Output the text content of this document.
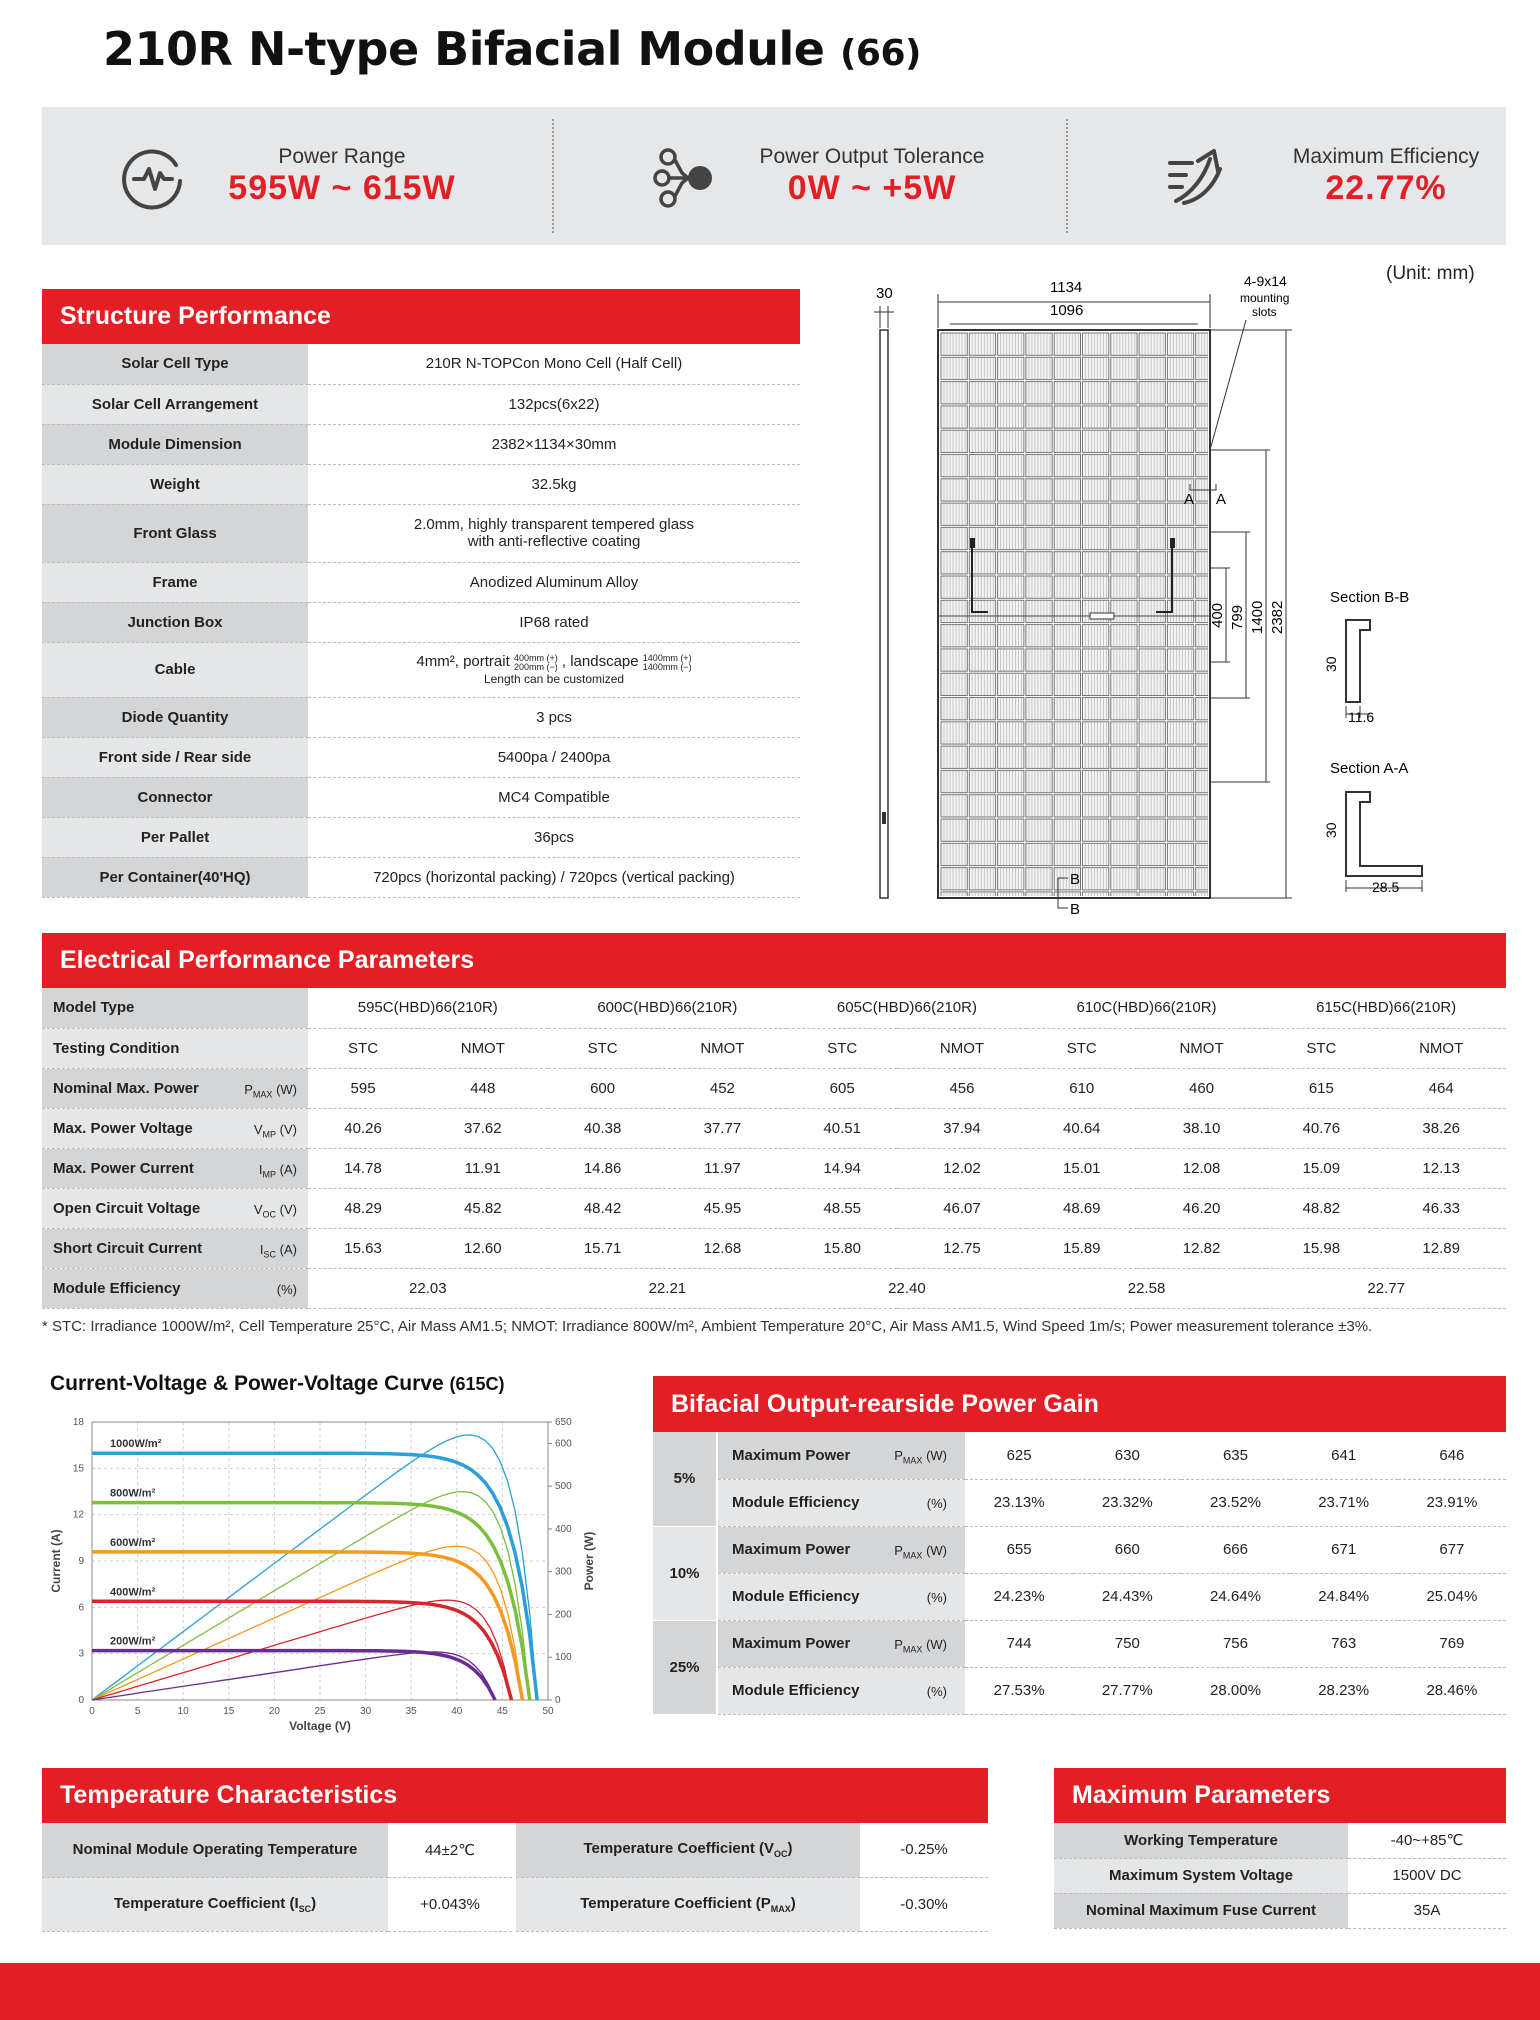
210R N-type Bifacial Module (66)
Power Range
595W ~ 615W
Power Output Tolerance
0W ~ +5W
Maximum Efficiency
22.77%
Structure Performance
Solar Cell Type	210R N-TOPCon Mono Cell (Half Cell)
Solar Cell Arrangement	132pcs(6x22)
Module Dimension	2382×1134×30mm
Weight	32.5kg
Front Glass	2.0mm, highly transparent tempered glass
with anti-reflective coating

Frame	Anodized Aluminum Alloy
Junction Box	IP68 rated
Cable	4mm², portrait 400mm (+)
200mm (−) , landscape 1400mm (+)
1400mm (−)
Length can be customized

Diode Quantity	3 pcs
Front side / Rear side	5400pa / 2400pa
Connector	MC4 Compatible
Per Pallet	36pcs
Per Container(40'HQ)	720pcs (horizontal packing) / 720pcs (vertical packing)
(Unit: mm)
30	1134
1096
4-9x14
mounting
slots
400 799 1400 2382
A A
B
B
Section B-B
30
11.6
Section A-A
30
28.5
Electrical Performance Parameters
Model Type	595C(HBD)66(210R)		600C(HBD)66(210R)		605C(HBD)66(210R)		610C(HBD)66(210R)		615C(HBD)66(210R)	
Testing Condition	STC	NMOT	STC	NMOT	STC	NMOT	STC	NMOT	STC	NMOT
Nominal Max. Power $P_{MAX}$ (W)	595	448	600	452	605	456	610	460	615	464
Max. Power Voltage $V_{MP}$ (V)	40.26	37.62	40.38	37.77	40.51	37.94	40.64	38.10	40.76	38.26
Max. Power Current $I_{MP}$ (A)	14.78	11.91	14.86	11.97	14.94	12.02	15.01	12.08	15.09	12.13
Open Circuit Voltage $V_{OC}$ (V)	48.29	45.82	48.42	45.95	48.55	46.07	48.69	46.20	48.82	46.33
Short Circuit Current $I_{SC}$ (A)	15.63	12.60	15.71	12.68	15.80	12.75	15.89	12.82	15.98	12.89
Module Efficiency (%)	22.03		22.21		22.40		22.58		22.77	
* STC: Irradiance 1000W/m², Cell Temperature 25°C, Air Mass AM1.5; NMOT: Irradiance 800W/m², Ambient Temperature 20°C, Air Mass AM1.5, Wind Speed 1m/s; Power measurement tolerance ±3%.
Current-Voltage & Power-Voltage Curve (615C)
0	5	10	15	20	25	30	35	40	45	50
0
3
6
9
12
15
18
0
100
200
300
400
500
600
650
Voltage (V)
Current (A)	Power (W)
1000W/m²
800W/m²
600W/m²
400W/m²
200W/m²
Bifacial Output-rearside Power Gain
5%	Maximum Power $P_{MAX}$ (W)	625	630	635	641	646
	Module Efficiency (%)	23.13%	23.32%	23.52%	23.71%	23.91%
10%	Maximum Power $P_{MAX}$ (W)	655	660	666	671	677
	Module Efficiency (%)	24.23%	24.43%	24.64%	24.84%	25.04%
25%	Maximum Power $P_{MAX}$ (W)	744	750	756	763	769
	Module Efficiency (%)	27.53%	27.77%	28.00%	28.23%	28.46%
Temperature Characteristics
Nominal Module Operating Temperature	44±2℃	Temperature Coefficient $(V_{OC})$	-0.25%
Temperature Coefficient $(I_{SC})$	+0.043%	Temperature Coefficient $(P_{MAX})$	-0.30%
Maximum Parameters
Working Temperature	-40~+85℃
Maximum System Voltage	1500V DC
Nominal Maximum Fuse Current	35A
